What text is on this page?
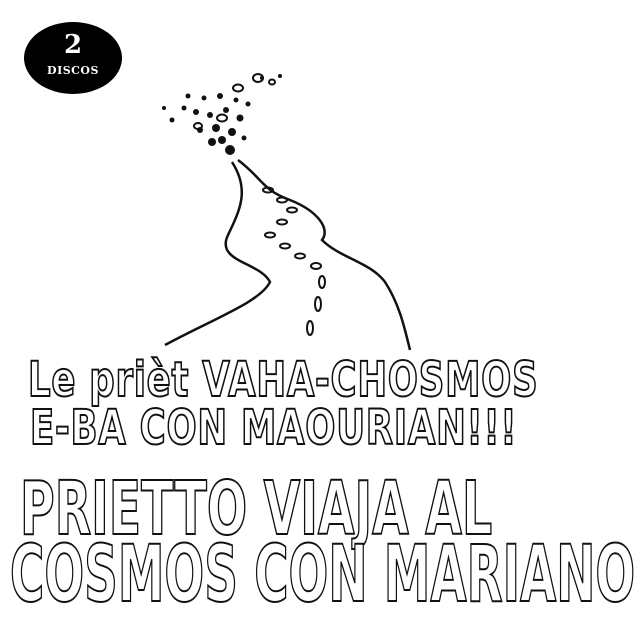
2
DISCOS
Le prièt VAHA-CHOSMOS
E-BA CON MAOURIAN!!!
PRIETTO VIAJA AL
COSMOS CON MARIANO
